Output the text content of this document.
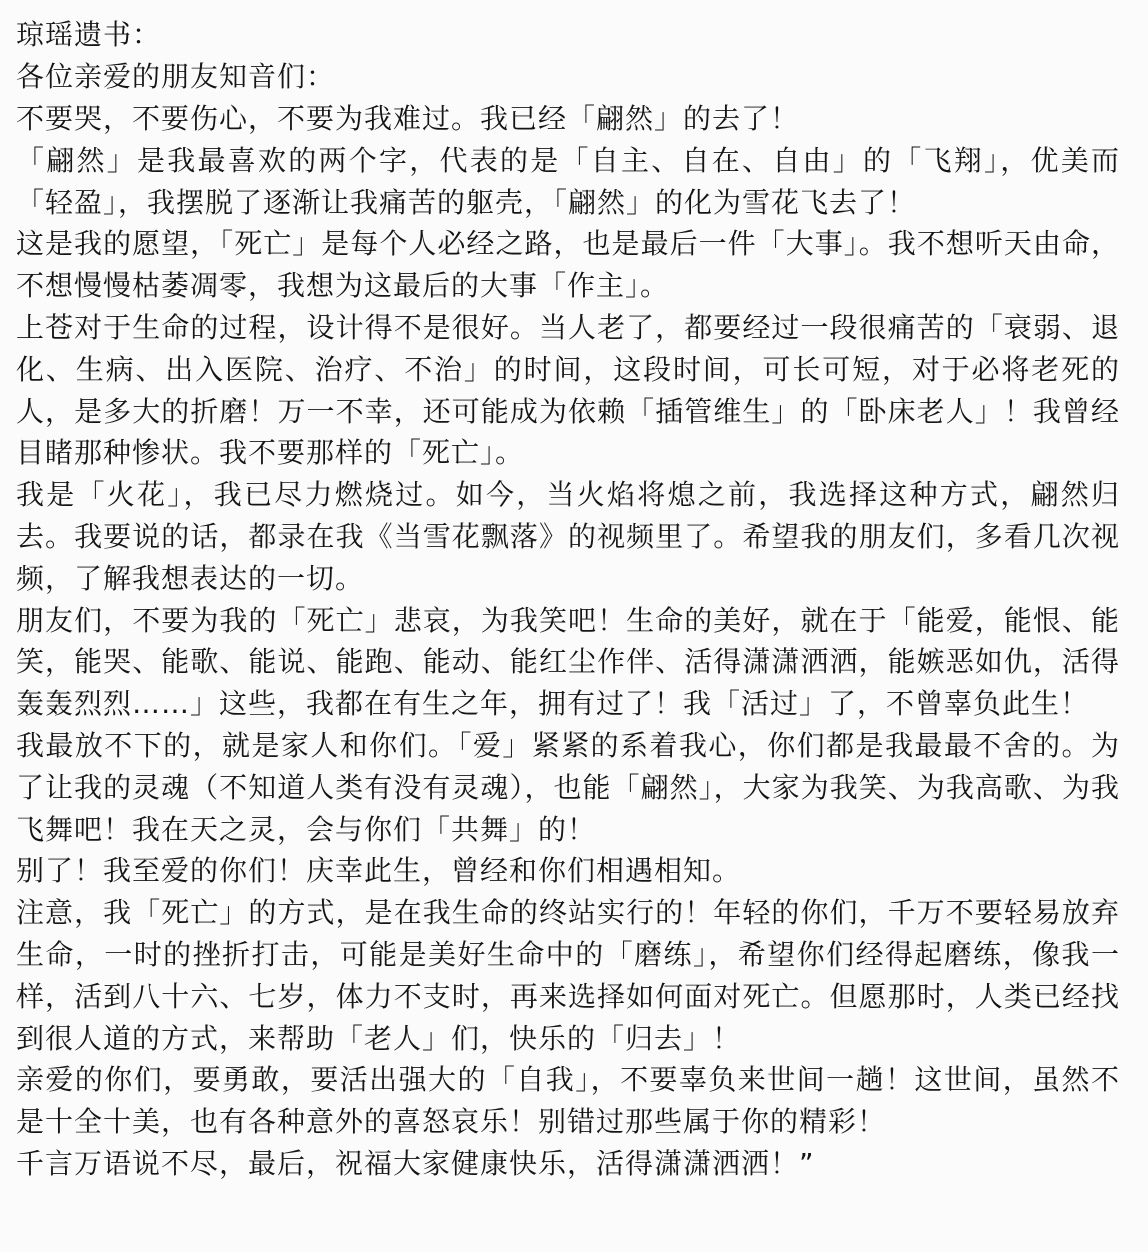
琼瑶遗书：

各位亲爱的朋友知音们：

不要哭，不要伤心，不要为我难过。我已经「翩然」的去了！

「翩然」是我最喜欢的两个字，代表的是「自主、自在、自由」的「飞翔」，优美而「轻盈」，我摆脱了逐渐让我痛苦的躯壳，「翩然」的化为雪花飞去了！

这是我的愿望，「死亡」是每个人必经之路，也是最后一件「大事」。我不想听天由命，不想慢慢枯萎凋零，我想为这最后的大事「作主」。

上苍对于生命的过程，设计得不是很好。当人老了，都要经过一段很痛苦的「衰弱、退化、生病、出入医院、治疗、不治」的时间，这段时间，可长可短，对于必将老死的人，是多大的折磨！万一不幸，还可能成为依赖「插管维生」的「卧床老人」！我曾经目睹那种惨状。我不要那样的「死亡」。

我是「火花」，我已尽力燃烧过。如今，当火焰将熄之前，我选择这种方式，翩然归去。我要说的话，都录在我《当雪花飘落》的视频里了。希望我的朋友们，多看几次视频，了解我想表达的一切。

朋友们，不要为我的「死亡」悲哀，为我笑吧！生命的美好，就在于「能爱，能恨、能笑，能哭、能歌、能说、能跑、能动、能红尘作伴、活得潇潇洒洒，能嫉恶如仇，活得轰轰烈烈……」这些，我都在有生之年，拥有过了！我「活过」了，不曾辜负此生！

我最放不下的，就是家人和你们。「爱」紧紧的系着我心，你们都是我最最不舍的。为了让我的灵魂（不知道人类有没有灵魂），也能「翩然」，大家为我笑、为我高歌、为我飞舞吧！我在天之灵，会与你们「共舞」的！

别了！我至爱的你们！庆幸此生，曾经和你们相遇相知。

注意，我「死亡」的方式，是在我生命的终站实行的！年轻的你们，千万不要轻易放弃生命，一时的挫折打击，可能是美好生命中的「磨练」，希望你们经得起磨练，像我一样，活到八十六、七岁，体力不支时，再来选择如何面对死亡。但愿那时，人类已经找到很人道的方式，来帮助「老人」们，快乐的「归去」！

亲爱的你们，要勇敢，要活出强大的「自我」，不要辜负来世间一趟！这世间，虽然不是十全十美，也有各种意外的喜怒哀乐！别错过那些属于你的精彩！

千言万语说不尽，最后，祝福大家健康快乐，活得潇潇洒洒！”
